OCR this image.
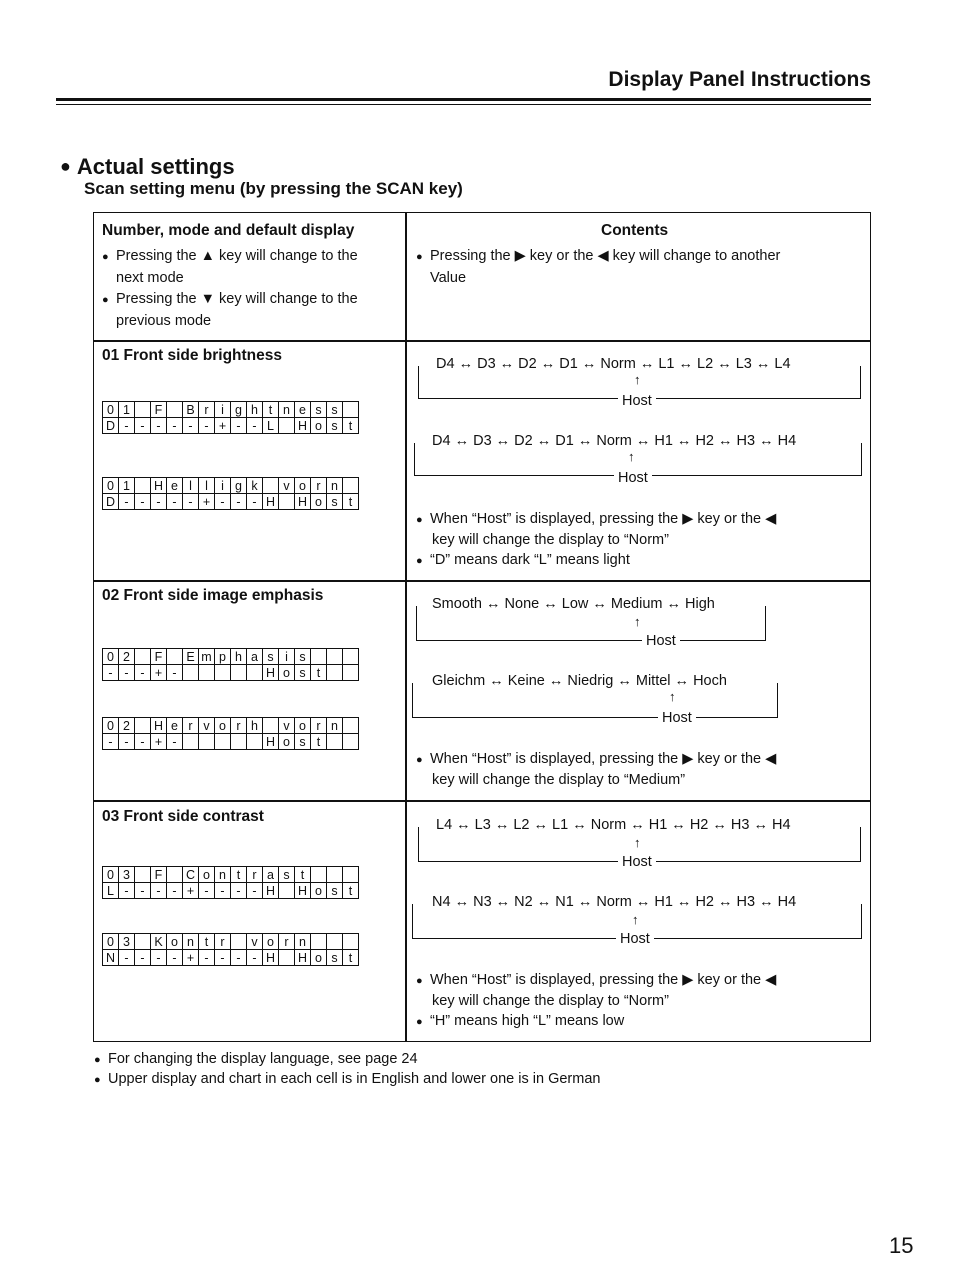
Display Panel Instructions
● Actual settings
Scan setting menu (by pressing the SCAN key)
Number, mode and default display
● Pressing the ▲ key will change to the
next mode
● Pressing the ▼ key will change to the
previous mode
Contents
● Pressing the ▶ key or the ◀ key will change to another
Value
01 Front side brightness
0	1		F		B	r	i	g	h	t	n	e	s	s	
D	-	-	-	-	-	-	+	-	-	L		H	o	s	t
0	1		H	e	l	l	i	g	k		v	o	r	n	
D	-	-	-	-	-	+	-	-	-	H		H	o	s	t
D4 ↔ D3 ↔ D2 ↔ D1 ↔ Norm ↔ L1 ↔ L2 ↔ L3 ↔ L4
↑
Host
D4 ↔ D3 ↔ D2 ↔ D1 ↔ Norm ↔ H1 ↔ H2 ↔ H3 ↔ H4
↑
Host
● When “Host” is displayed, pressing the ▶ key or the ◀
key will change the display to “Norm”
● “D” means dark “L” means light
02 Front side image emphasis
0	2		F		E	m	p	h	a	s	i	s			
-	-	-	+	-						H	o	s	t		
0	2		H	e	r	v	o	r	h		v	o	r	n	
-	-	-	+	-						H	o	s	t		
Smooth ↔ None ↔ Low ↔ Medium ↔ High
↑
Host
Gleichm ↔ Keine ↔ Niedrig ↔ Mittel ↔ Hoch
↑
Host
● When “Host” is displayed, pressing the ▶ key or the ◀
key will change the display to “Medium”
03 Front side contrast
0	3		F		C	o	n	t	r	a	s	t			
L	-	-	-	-	+	-	-	-	-	H		H	o	s	t
0	3		K	o	n	t	r		v	o	r	n			
N	-	-	-	-	+	-	-	-	-	H		H	o	s	t
L4 ↔ L3 ↔ L2 ↔ L1 ↔ Norm ↔ H1 ↔ H2 ↔ H3 ↔ H4
↑
Host
N4 ↔ N3 ↔ N2 ↔ N1 ↔ Norm ↔ H1 ↔ H2 ↔ H3 ↔ H4
↑
Host
● When “Host” is displayed, pressing the ▶ key or the ◀
key will change the display to “Norm”
● “H” means high “L” means low
● For changing the display language, see page 24
● Upper display and chart in each cell is in English and lower one is in German
15
